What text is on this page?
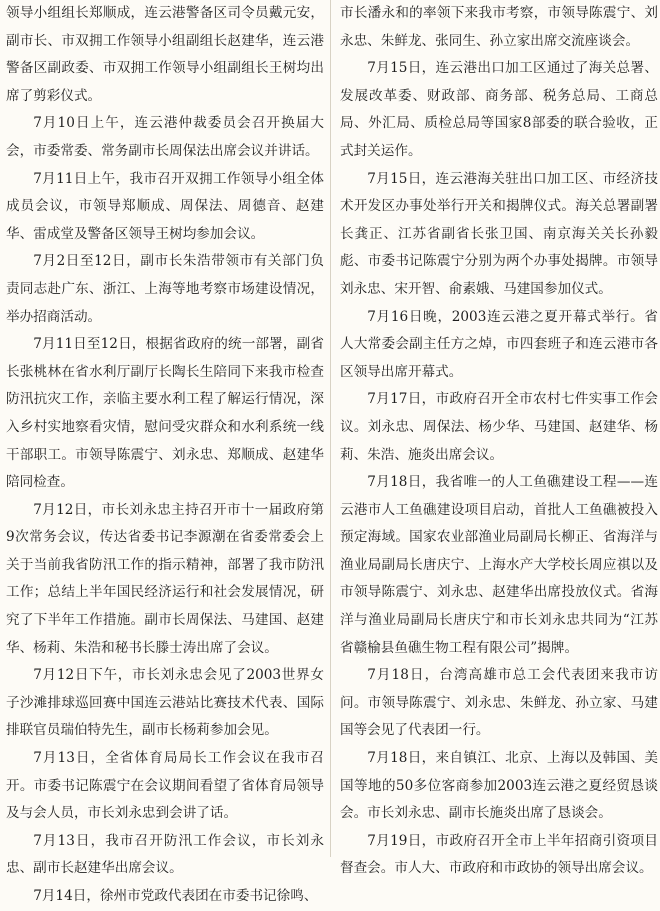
领导小组组长郑顺成，连云港警备区司令员戴元安，副市长、市双拥工作领导小组副组长赵建华，连云港警备区副政委、市双拥工作领导小组副组长王树均出席了剪彩仪式。

7月10日上午，连云港仲裁委员会召开换届大会，市委常委、常务副市长周保法出席会议并讲话。

7月11日上午，我市召开双拥工作领导小组全体成员会议，市领导郑顺成、周保法、周德音、赵建华、雷成堂及警备区领导王树均参加会议。

7月2日至12日，副市长朱浩带领市有关部门负责同志赴广东、浙江、上海等地考察市场建设情况，举办招商活动。

7月11日至12日，根据省政府的统一部署，副省长张桃林在省水利厅副厅长陶长生陪同下来我市检查防汛抗灾工作，亲临主要水利工程了解运行情况，深入乡村实地察看灾情，慰问受灾群众和水利系统一线干部职工。市领导陈震宁、刘永忠、郑顺成、赵建华陪同检查。

7月12日，市长刘永忠主持召开市十一届政府第9次常务会议，传达省委书记李源潮在省委常委会上关于当前我省防汛工作的指示精神，部署了我市防汛工作；总结上半年国民经济运行和社会发展情况，研究了下半年工作措施。副市长周保法、马建国、赵建华、杨莉、朱浩和秘书长滕士涛出席了会议。

7月12日下午，市长刘永忠会见了2003世界女子沙滩排球巡回赛中国连云港站比赛技术代表、国际排联官员瑞伯特先生，副市长杨莉参加会见。

7月13日，全省体育局局长工作会议在我市召开。市委书记陈震宁在会议期间看望了省体育局领导及与会人员，市长刘永忠到会讲了话。

7月13日，我市召开防汛工作会议，市长刘永忠、副市长赵建华出席会议。

7月14日，徐州市党政代表团在市委书记徐鸣、

市长潘永和的率领下来我市考察，市领导陈震宁、刘永忠、朱鲜龙、张同生、孙立家出席交流座谈会。

7月15日，连云港出口加工区通过了海关总署、发展改革委、财政部、商务部、税务总局、工商总局、外汇局、质检总局等国家8部委的联合验收，正式封关运作。

7月15日，连云港海关驻出口加工区、市经济技术开发区办事处举行开关和揭牌仪式。海关总署副署长龚正、江苏省副省长张卫国、南京海关关长孙毅彪、市委书记陈震宁分别为两个办事处揭牌。市领导刘永忠、宋开智、俞素娥、马建国参加仪式。

7月16日晚，2003连云港之夏开幕式举行。省人大常委会副主任方之焯，市四套班子和连云港市各区领导出席开幕式。

7月17日，市政府召开全市农村七件实事工作会议。刘永忠、周保法、杨少华、马建国、赵建华、杨莉、朱浩、施炎出席会议。

7月18日，我省唯一的人工鱼礁建设工程——连云港市人工鱼礁建设项目启动，首批人工鱼礁被投入预定海域。国家农业部渔业局副局长柳正、省海洋与渔业局副局长唐庆宁、上海水产大学校长周应祺以及市领导陈震宁、刘永忠、赵建华出席投放仪式。省海洋与渔业局副局长唐庆宁和市长刘永忠共同为“江苏省赣榆县鱼礁生物工程有限公司”揭牌。

7月18日，台湾高雄市总工会代表团来我市访问。市领导陈震宁、刘永忠、朱鲜龙、孙立家、马建国等会见了代表团一行。

7月18日，来自镇江、北京、上海以及韩国、美国等地的50多位客商参加2003连云港之夏经贸恳谈会。市长刘永忠、副市长施炎出席了恳谈会。

7月19日，市政府召开全市上半年招商引资项目督查会。市人大、市政府和市政协的领导出席会议。
